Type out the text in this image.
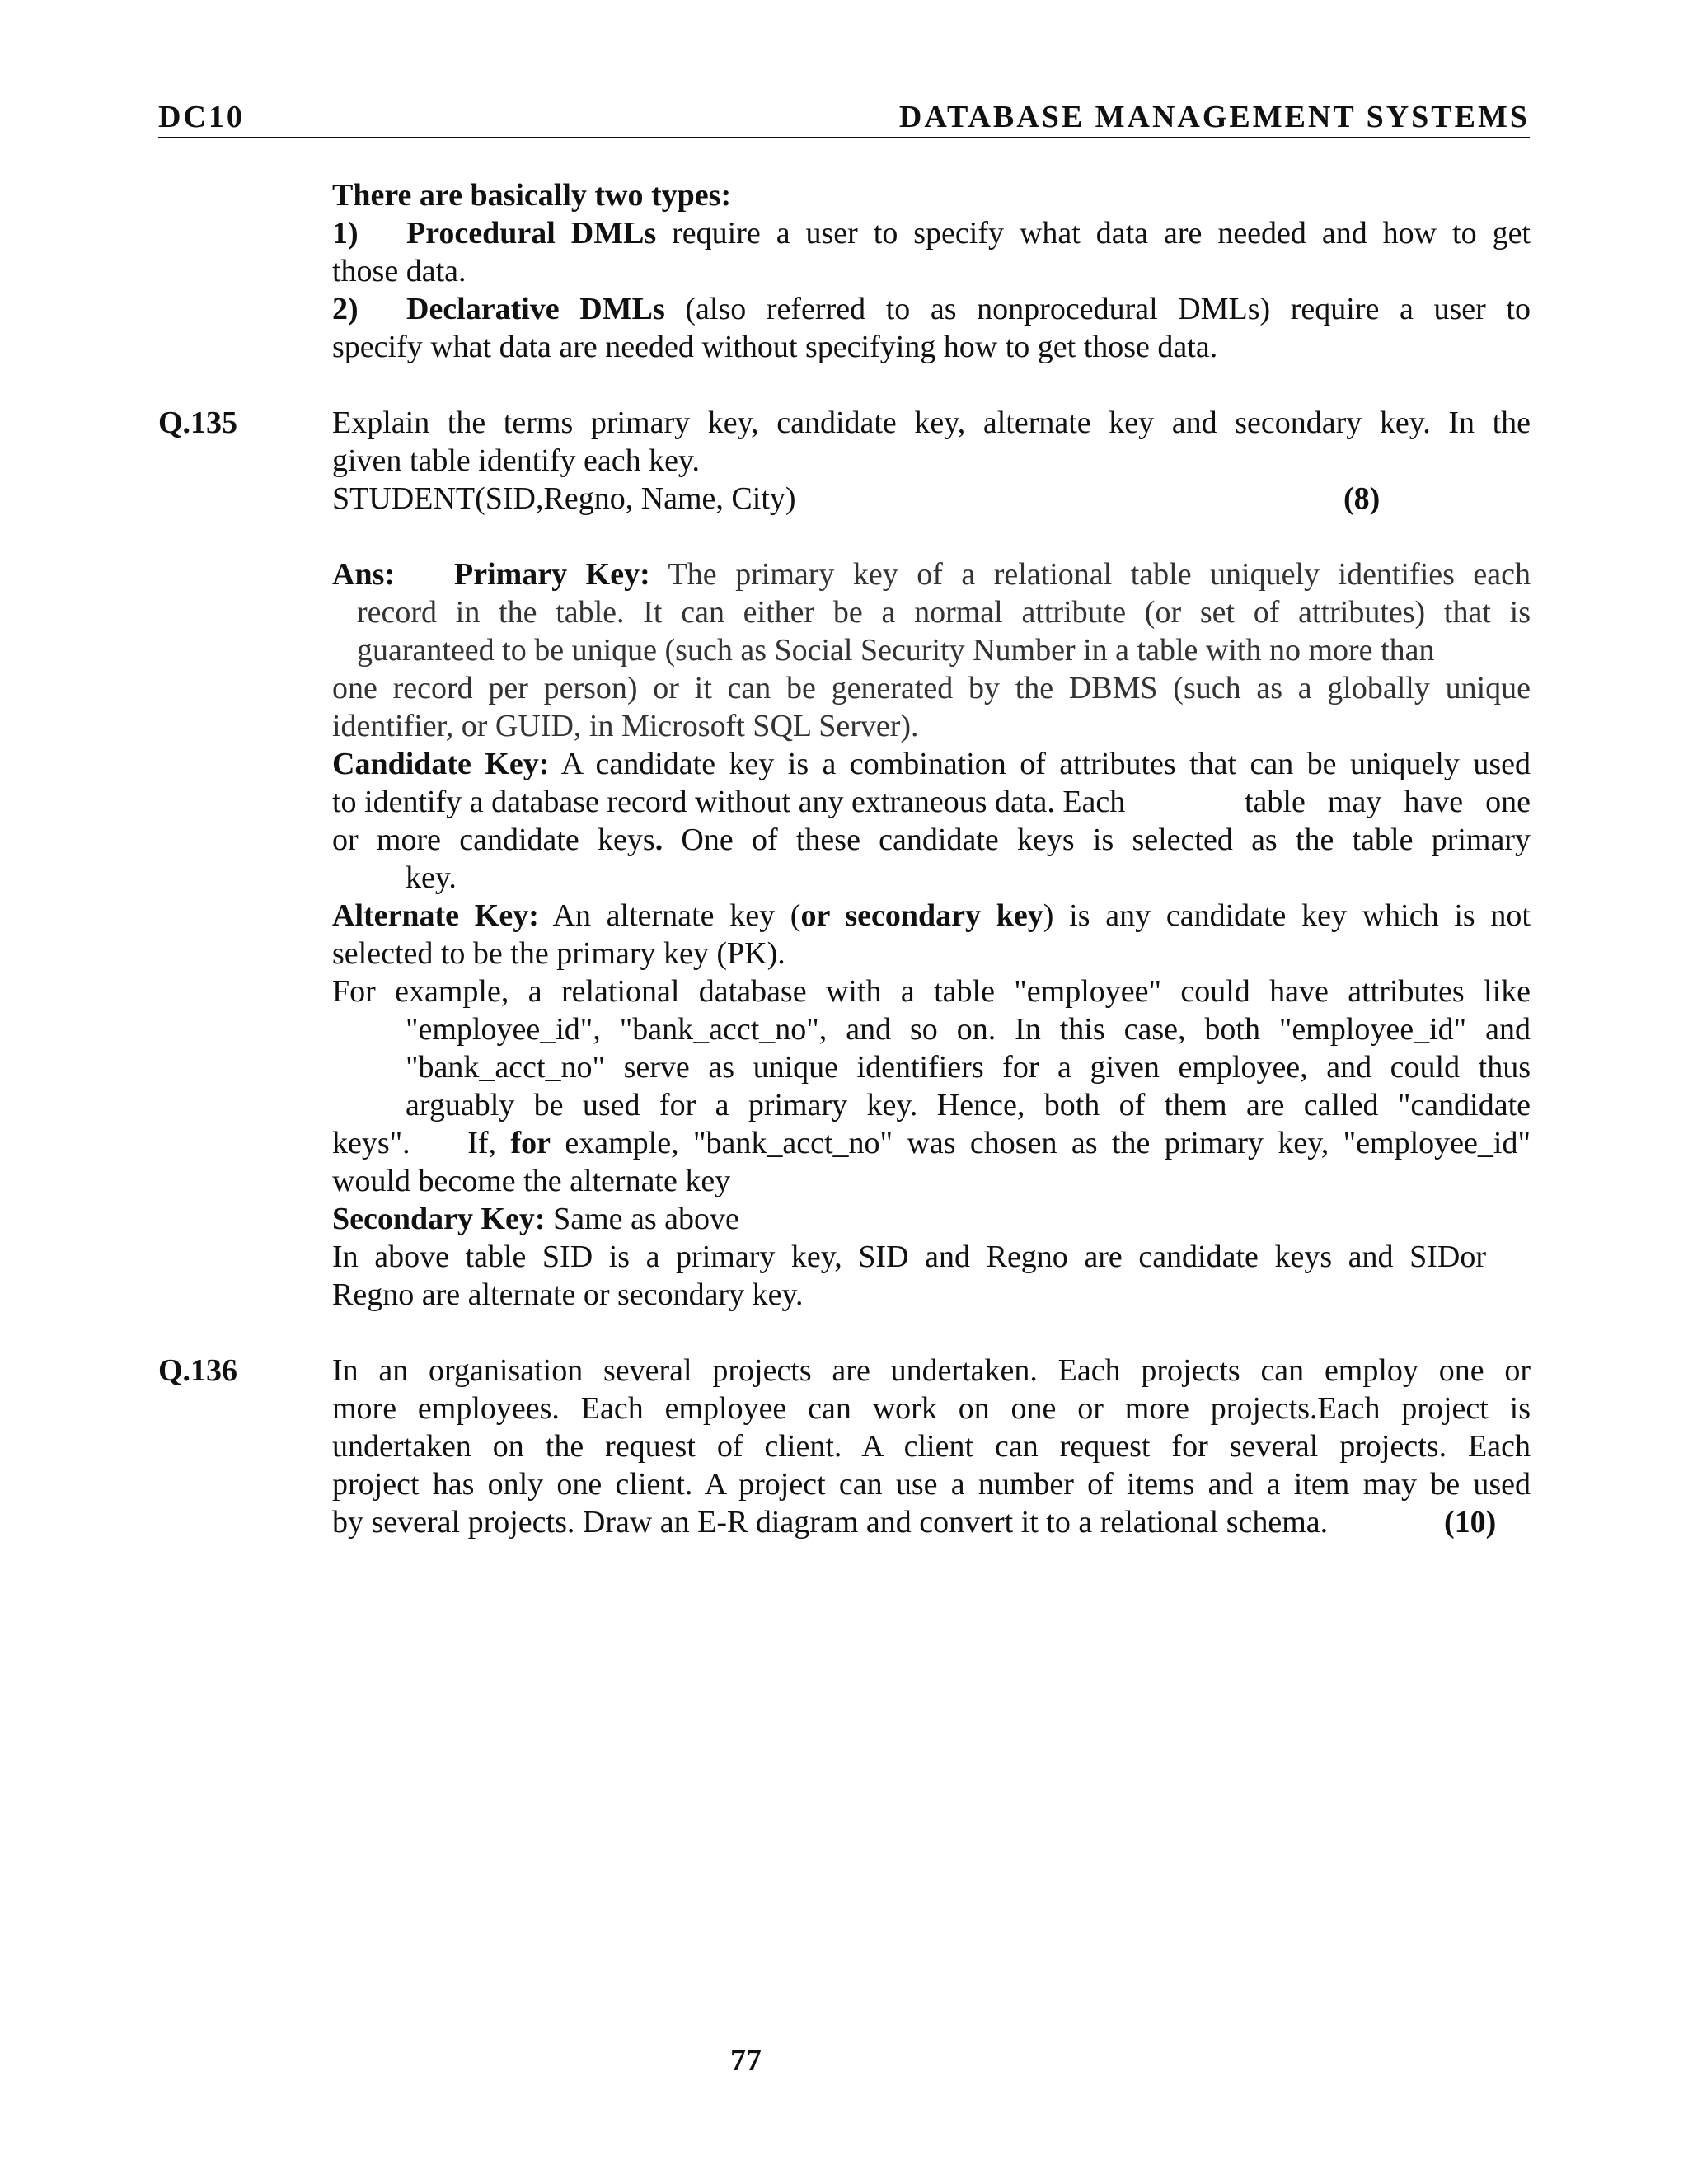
DC10	DATABASE MANAGEMENT SYSTEMS
There are basically two types:
1) Procedural DMLs require a user to specify what data are needed and how to get
those data.
2) Declarative DMLs (also referred to as nonprocedural DMLs) require a user to
specify what data are needed without specifying how to get those data.
Q.135	Explain the terms primary key, candidate key, alternate key and secondary key. In the
given table identify each key.
STUDENT(SID,Regno, Name, City)	(8)
Ans: Primary Key: The primary key of a relational table uniquely identifies each
record in the table. It can either be a normal attribute (or set of attributes) that is
guaranteed to be unique (such as Social Security Number in a table with no more than
one record per person) or it can be generated by the DBMS (such as a globally unique
identifier, or GUID, in Microsoft SQL Server).
Candidate Key: A candidate key is a combination of attributes that can be uniquely used
to identify a database record without any extraneous data. Each	table may have one
or more candidate keys. One of these candidate keys is selected as the table primary
key.
Alternate Key: An alternate key (or secondary key) is any candidate key which is not
selected to be the primary key (PK).
For example, a relational database with a table "employee" could have attributes like
"employee_id", "bank_acct_no", and so on. In this case, both "employee_id" and
"bank_acct_no" serve as unique identifiers for a given employee, and could thus
arguably be used for a primary key. Hence, both of them are called "candidate
keys".    If, for example, "bank_acct_no" was chosen as the primary key, "employee_id"
would become the alternate key
Secondary Key: Same as above
In above table SID is a primary key, SID and Regno are candidate keys and SIDor
Regno are alternate or secondary key.
Q.136	In an organisation several projects are undertaken. Each projects can employ one or
more employees. Each employee can work on one or more projects.Each project is
undertaken on the request of client. A client can request for several projects. Each
project has only one client. A project can use a number of items and a item may be used
by several projects. Draw an E-R diagram and convert it to a relational schema.	(10)
77
